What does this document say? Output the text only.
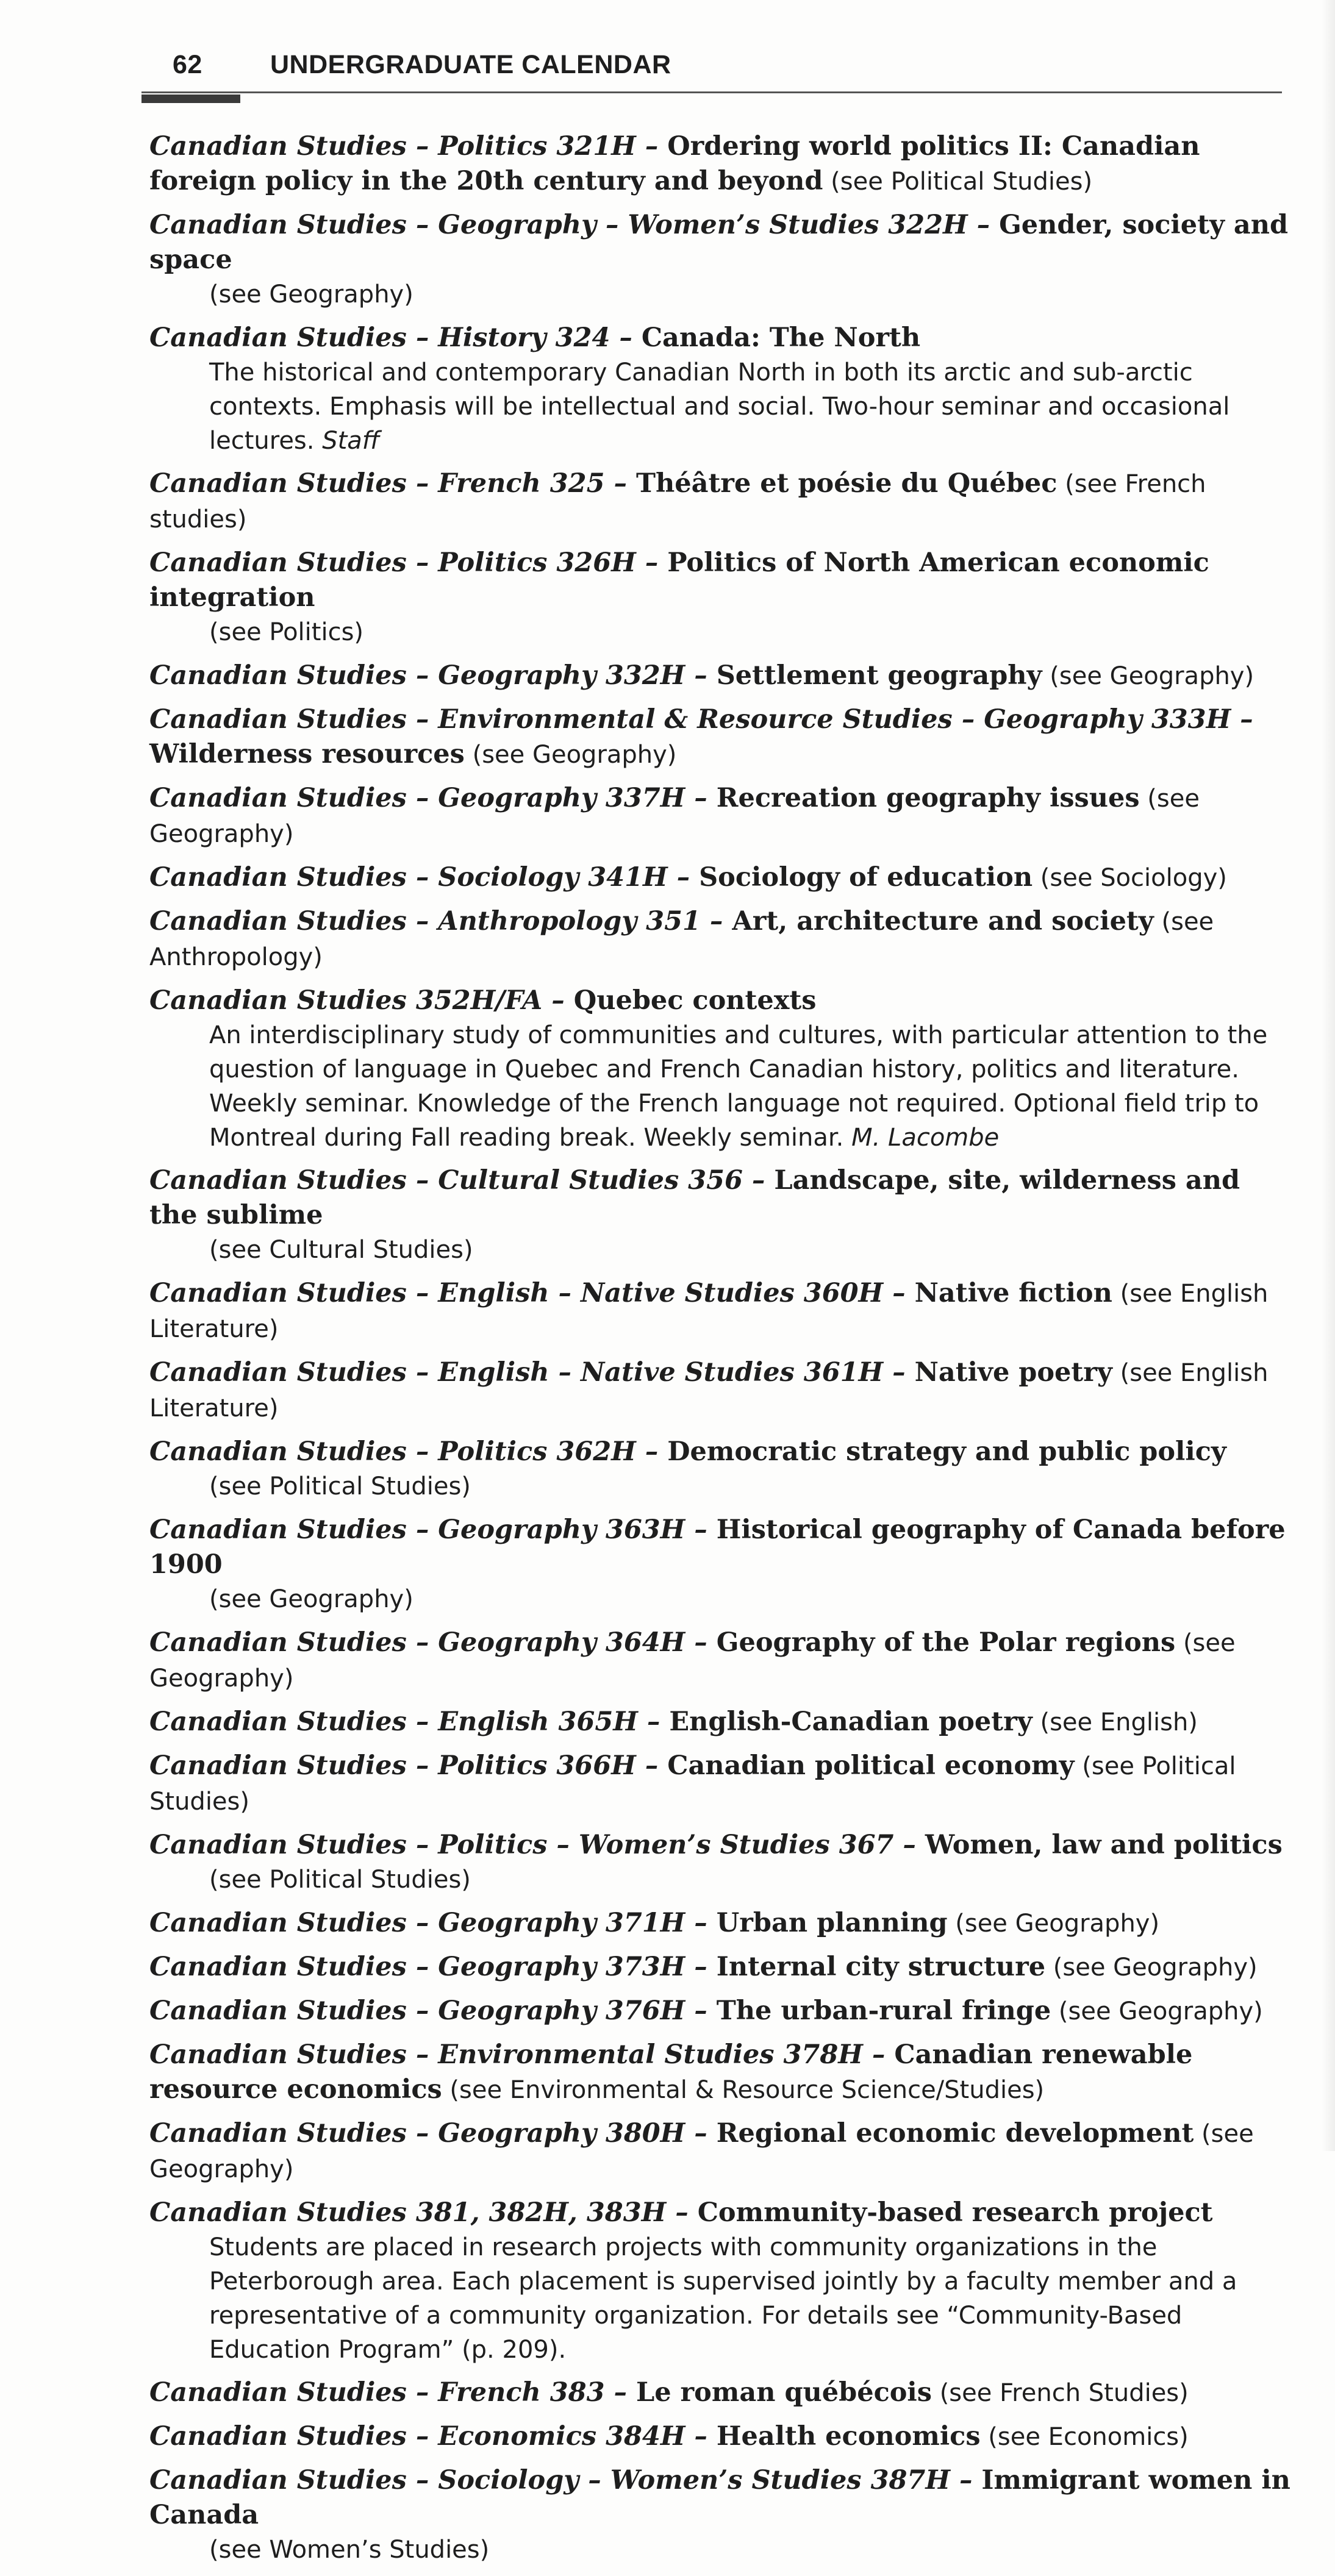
62	UNDERGRADUATE CALENDAR

Canadian Studies – Politics 321H – Ordering world politics II: Canadian foreign policy in the 20th century and beyond (see Political Studies)

Canadian Studies – Geography – Women’s Studies 322H – Gender, society and space
(see Geography)

Canadian Studies – History 324 – Canada: The North
The historical and contemporary Canadian North in both its arctic and sub-arctic contexts. Emphasis will be intellectual and social. Two-hour seminar and occasional lectures. Staff

Canadian Studies – French 325 – Théâtre et poésie du Québec (see French studies)

Canadian Studies – Politics 326H – Politics of North American economic integration
(see Politics)

Canadian Studies – Geography 332H – Settlement geography (see Geography)

Canadian Studies – Environmental & Resource Studies – Geography 333H – Wilderness resources (see Geography)

Canadian Studies – Geography 337H – Recreation geography issues (see Geography)

Canadian Studies – Sociology 341H – Sociology of education (see Sociology)

Canadian Studies – Anthropology 351 – Art, architecture and society (see Anthropology)

Canadian Studies 352H/FA – Quebec contexts
An interdisciplinary study of communities and cultures, with particular attention to the question of language in Quebec and French Canadian history, politics and literature. Weekly seminar. Knowledge of the French language not required. Optional field trip to Montreal during Fall reading break. Weekly seminar. M. Lacombe

Canadian Studies – Cultural Studies 356 – Landscape, site, wilderness and the sublime
(see Cultural Studies)

Canadian Studies – English – Native Studies 360H – Native fiction (see English Literature)

Canadian Studies – English – Native Studies 361H – Native poetry (see English Literature)

Canadian Studies – Politics 362H – Democratic strategy and public policy
(see Political Studies)

Canadian Studies – Geography 363H – Historical geography of Canada before 1900
(see Geography)

Canadian Studies – Geography 364H – Geography of the Polar regions (see Geography)

Canadian Studies – English 365H – English-Canadian poetry (see English)

Canadian Studies – Politics 366H – Canadian political economy (see Political Studies)

Canadian Studies – Politics – Women’s Studies 367 – Women, law and politics
(see Political Studies)

Canadian Studies – Geography 371H – Urban planning (see Geography)

Canadian Studies – Geography 373H – Internal city structure (see Geography)

Canadian Studies – Geography 376H – The urban-rural fringe (see Geography)

Canadian Studies – Environmental Studies 378H – Canadian renewable resource economics (see Environmental & Resource Science/Studies)

Canadian Studies – Geography 380H – Regional economic development (see Geography)

Canadian Studies 381, 382H, 383H – Community-based research project
Students are placed in research projects with community organizations in the Peterborough area. Each placement is supervised jointly by a faculty member and a representative of a community organization. For details see “Community-Based Education Program” (p. 209).

Canadian Studies – French 383 – Le roman québécois (see French Studies)

Canadian Studies – Economics 384H – Health economics (see Economics)

Canadian Studies – Sociology – Women’s Studies 387H – Immigrant women in Canada
(see Women’s Studies)
